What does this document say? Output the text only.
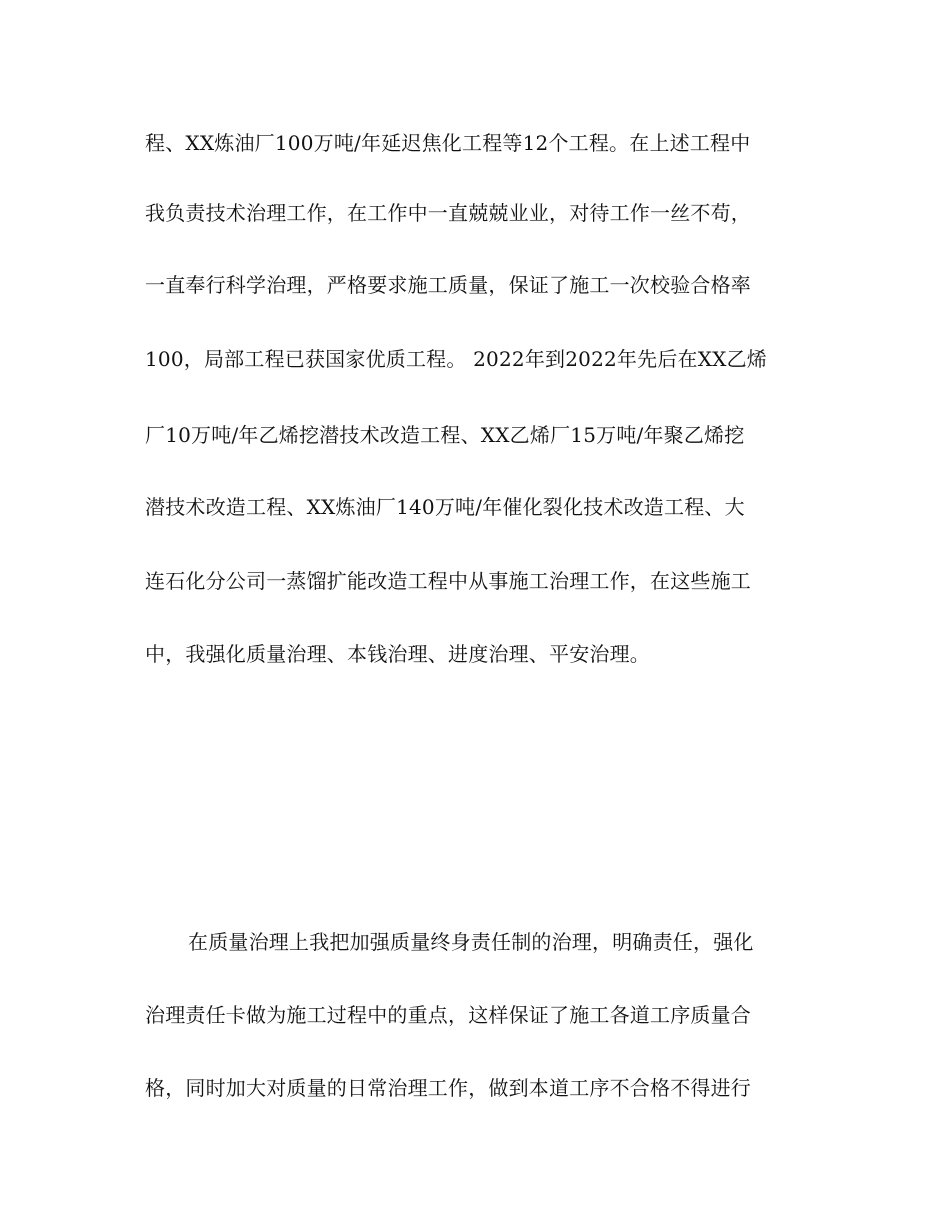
程、XX炼油厂100万吨/年延迟焦化工程等12个工程。在上述工程中
我负责技术治理工作，在工作中一直兢兢业业，对待工作一丝不苟，
一直奉行科学治理，严格要求施工质量，保证了施工一次校验合格率
100，局部工程已获国家优质工程。 2022年到2022年先后在XX乙烯
厂10万吨/年乙烯挖潜技术改造工程、XX乙烯厂15万吨/年聚乙烯挖
潜技术改造工程、XX炼油厂140万吨/年催化裂化技术改造工程、大
连石化分公司一蒸馏扩能改造工程中从事施工治理工作，在这些施工
中，我强化质量治理、本钱治理、进度治理、平安治理。
在质量治理上我把加强质量终身责任制的治理，明确责任，强化
治理责任卡做为施工过程中的重点，这样保证了施工各道工序质量合
格，同时加大对质量的日常治理工作，做到本道工序不合格不得进行
